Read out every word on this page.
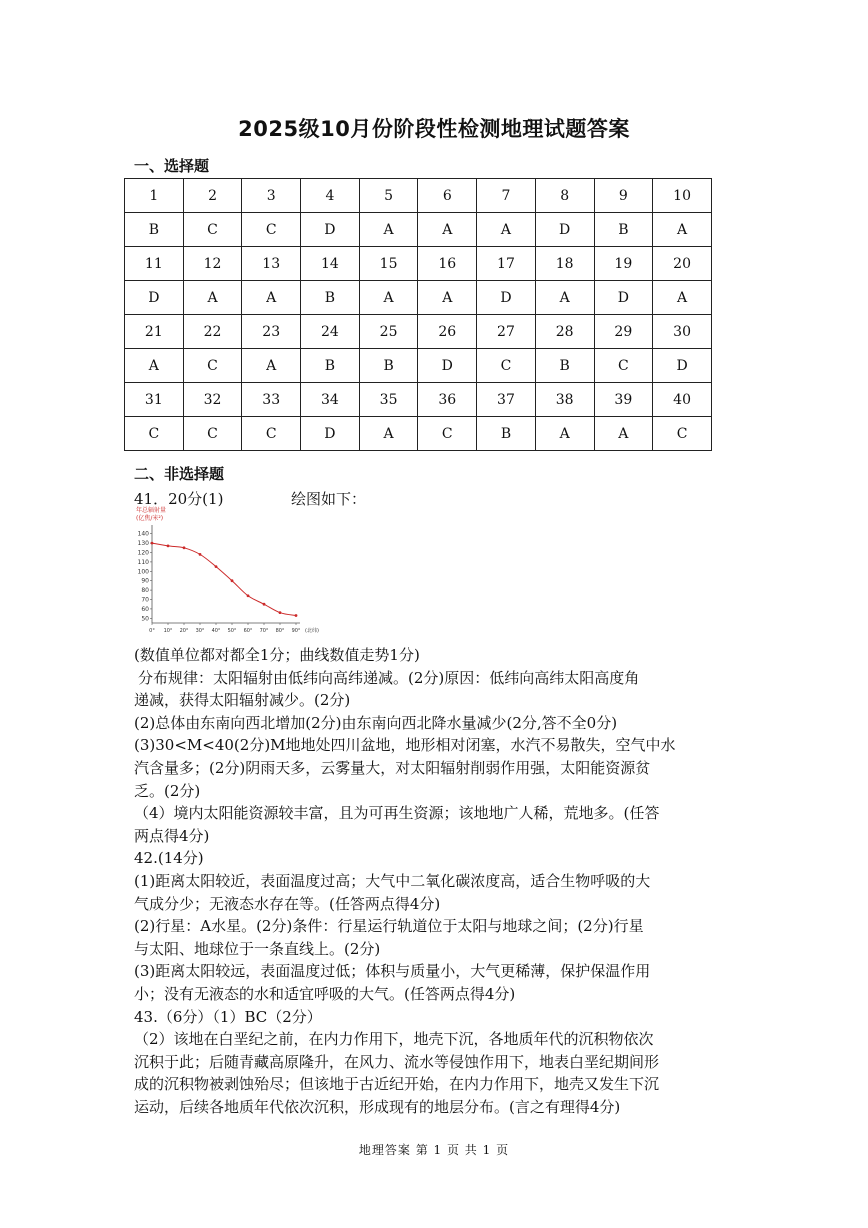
2025级10月份阶段性检测地理试题答案
一、选择题
1	2	3	4	5	6	7	8	9	10
B	C	C	D	A	A	A	D	B	A
11	12	13	14	15	16	17	18	19	20
D	A	A	B	A	A	D	A	D	A
21	22	23	24	25	26	27	28	29	30
A	C	A	B	B	D	C	B	C	D
31	32	33	34	35	36	37	38	39	40
C	C	C	D	A	C	B	A	A	C
二、非选择题
41．20分(1)	绘图如下：
年总辐射量
(亿焦/米²)
50
60
70
80
90
100
110
120
130
140
0° 10° 20° 30° 40° 50° 60° 70° 80° 90° (北纬)

(数值单位都对都全1分；曲线数值走势1分)

分布规律：太阳辐射由低纬向高纬递减。(2分)原因：低纬向高纬太阳高度角

递减，获得太阳辐射减少。(2分)

(2)总体由东南向西北增加(2分)由东南向西北降水量减少(2分,答不全0分)

(3)30<M<40(2分)M地地处四川盆地，地形相对闭塞，水汽不易散失，空气中水

汽含量多；(2分)阴雨天多，云雾量大，对太阳辐射削弱作用强，太阳能资源贫

乏。(2分)

（4）境内太阳能资源较丰富，且为可再生资源；该地地广人稀，荒地多。(任答

两点得4分)

42.(14分)

(1)距离太阳较近，表面温度过高；大气中二氧化碳浓度高，适合生物呼吸的大

气成分少；无液态水存在等。(任答两点得4分)

(2)行星：A水星。(2分)条件：行星运行轨道位于太阳与地球之间；(2分)行星

与太阳、地球位于一条直线上。(2分)

(3)距离太阳较远，表面温度过低；体积与质量小，大气更稀薄，保护保温作用

小；没有无液态的水和适宜呼吸的大气。(任答两点得4分)

43.（6分）（1）BC（2分）

（2）该地在白垩纪之前，在内力作用下，地壳下沉，各地质年代的沉积物依次

沉积于此；后随青藏高原隆升，在风力、流水等侵蚀作用下，地表白垩纪期间形

成的沉积物被剥蚀殆尽；但该地于古近纪开始，在内力作用下，地壳又发生下沉

运动，后续各地质年代依次沉积，形成现有的地层分布。(言之有理得4分)

地理答案 第 1 页 共 1 页
